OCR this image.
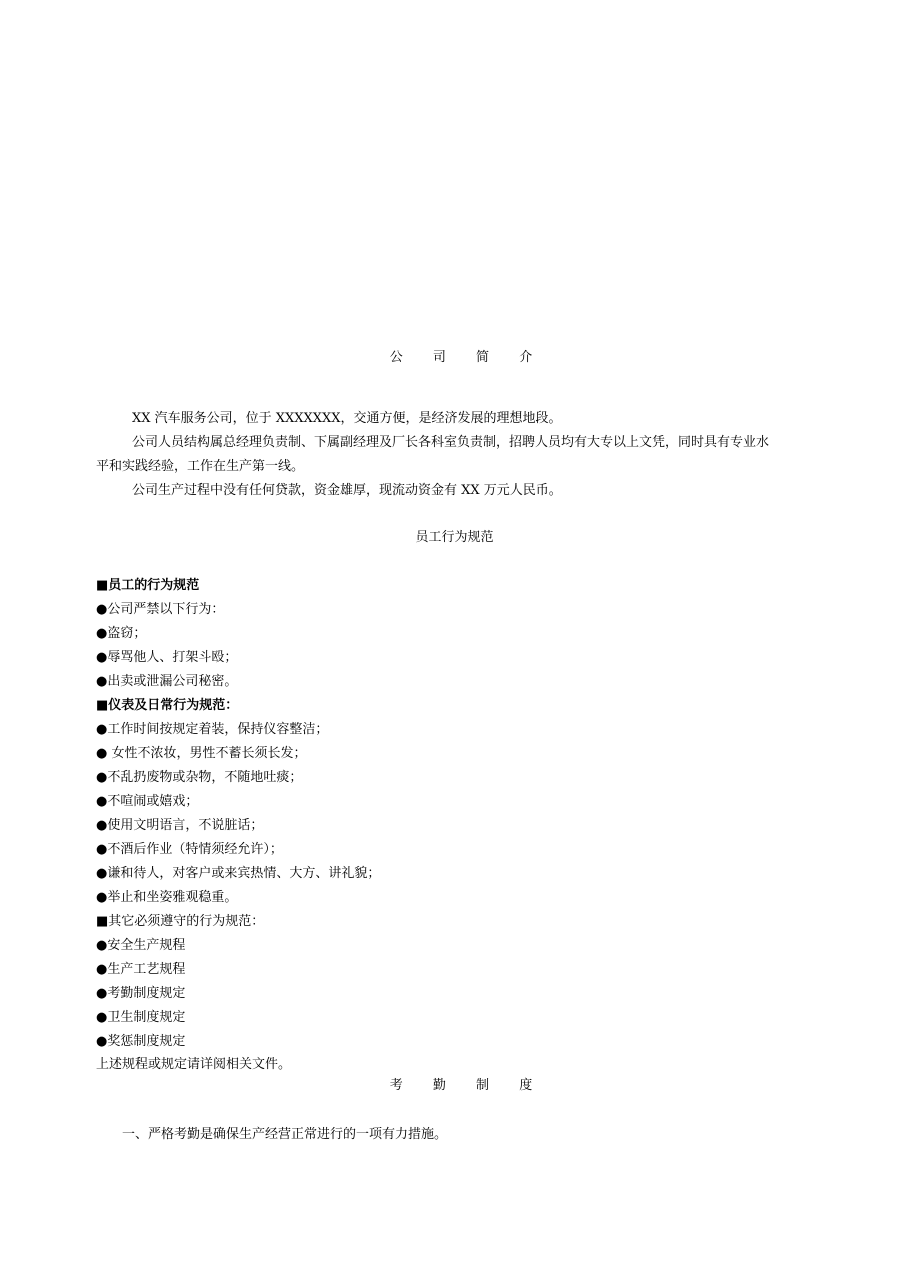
公 司 简 介
XX 汽车服务公司，位于 XXXXXXX，交通方便，是经济发展的理想地段。
公司人员结构属总经理负责制、下属副经理及厂长各科室负责制，招聘人员均有大专以上文凭，同时具有专业水
平和实践经验，工作在生产第一线。
公司生产过程中没有任何贷款，资金雄厚，现流动资金有 XX 万元人民币。
员工行为规范
■员工的行为规范
●公司严禁以下行为：
●盗窃；
●辱骂他人、打架斗殴；
●出卖或泄漏公司秘密。
■仪表及日常行为规范：
●工作时间按规定着装，保持仪容整洁；
● 女性不浓妆，男性不蓄长须长发；
●不乱扔废物或杂物，不随地吐痰；
●不喧闹或嬉戏；
●使用文明语言，不说脏话；
●不酒后作业（特情须经允许）；
●谦和待人，对客户或来宾热情、大方、讲礼貌；
●举止和坐姿雅观稳重。
■其它必须遵守的行为规范：
●安全生产规程
●生产工艺规程
●考勤制度规定
●卫生制度规定
●奖惩制度规定
上述规程或规定请详阅相关文件。
考 勤 制 度
一、严格考勤是确保生产经营正常进行的一项有力措施。
